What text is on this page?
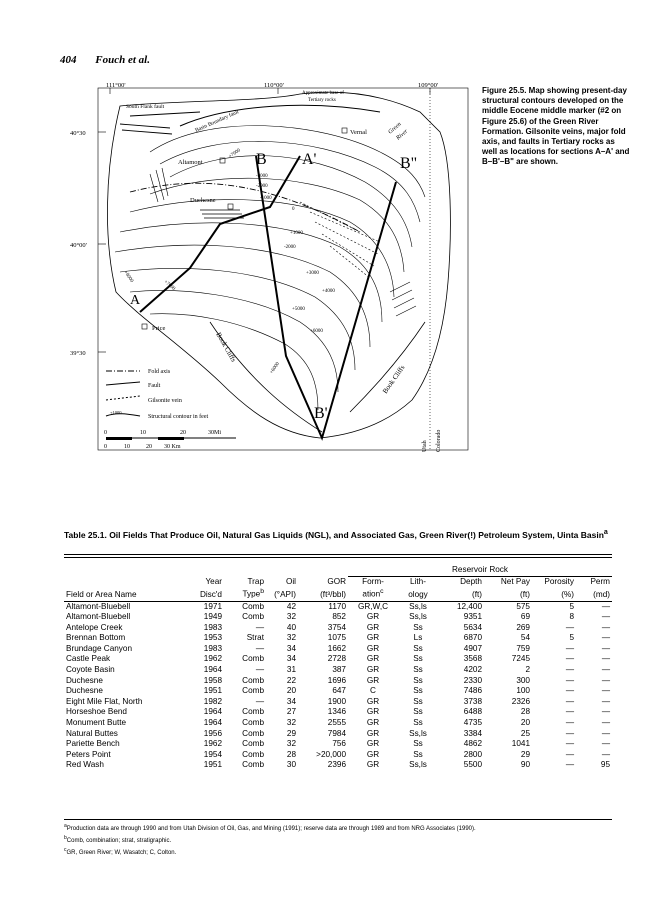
404 Fouch et al.
111°00'	110°00'	109°00'
40°30
40°00'
39°30
Vernal
Altamont
Duchesne
Price
South Flank fault
Basin Boundary fault
Approximate base of
Tertiary rocks
Green
River
Book Cliffs
Book Cliffs
Utah Colorado
-3000
-2000
-1000
0
+1000
-2000
+3000
+4000
+5000
+6000
+7000
+8000
+7000
+6000
A
A'
B
B'
B"
Fold axis
Fault
Gilsonite vein
+1000
Structural contour in feet
0	10	20	30Mi
0	10	20 30 Km
Figure 25.5. Map showing present-day structural contours developed on the middle Eocene middle marker (#2 on Figure 25.6) of the Green River Formation. Gilsonite veins, major fold axis, and faults in Tertiary rocks as well as locations for sections A–A' and B–B'–B" are shown.
Table 25.1. Oil Fields That Produce Oil, Natural Gas Liquids (NGL), and Associated Gas, Green River(!) Petroleum System, Uinta Basin$^a$
					Reservoir Rock					
	Year	Trap	Oil	GOR	Form-	Lith-	Depth	Net Pay	Porosity	Perm
Field or Area Name	Disc'd	Type$^b$	(°API)	(ft³/bbl)	ation$^c$	ology	(ft)	(ft)	(%)	(md)
Altamont-Bluebell	1971	Comb	42	1170	GR,W,C	Ss,ls	12,400	575	5	—
Altamont-Bluebell	1949	Comb	32	852	GR	Ss,ls	9351	69	8	—
Antelope Creek	1983	—	40	3754	GR	Ss	5634	269	—	—
Brennan Bottom	1953	Strat	32	1075	GR	Ls	6870	54	5	—
Brundage Canyon	1983	—	34	1662	GR	Ss	4907	759	—	—
Castle Peak	1962	Comb	34	2728	GR	Ss	3568	7245	—	—
Coyote Basin	1964	—	31	387	GR	Ss	4202	2	—	—
Duchesne	1958	Comb	22	1696	GR	Ss	2330	300	—	—
Duchesne	1951	Comb	20	647	C	Ss	7486	100	—	—
Eight Mile Flat, North	1982	—	34	1900	GR	Ss	3738	2326	—	—
Horseshoe Bend	1964	Comb	27	1346	GR	Ss	6488	28	—	—
Monument Butte	1964	Comb	32	2555	GR	Ss	4735	20	—	—
Natural Buttes	1956	Comb	29	7984	GR	Ss,ls	3384	25	—	—
Pariette Bench	1962	Comb	32	756	GR	Ss	4862	1041	—	—
Peters Point	1954	Comb	28	>20,000	GR	Ss	2800	29	—	—
Red Wash	1951	Comb	30	2396	GR	Ss,ls	5500	90	—	95
$^a$Production data are through 1990 and from Utah Division of Oil, Gas, and Mining (1991); reserve data are through 1989 and from NRG Associates (1990).
$^b$Comb, combination; strat, stratigraphic.
$^c$GR, Green River; W, Wasatch; C, Colton.
